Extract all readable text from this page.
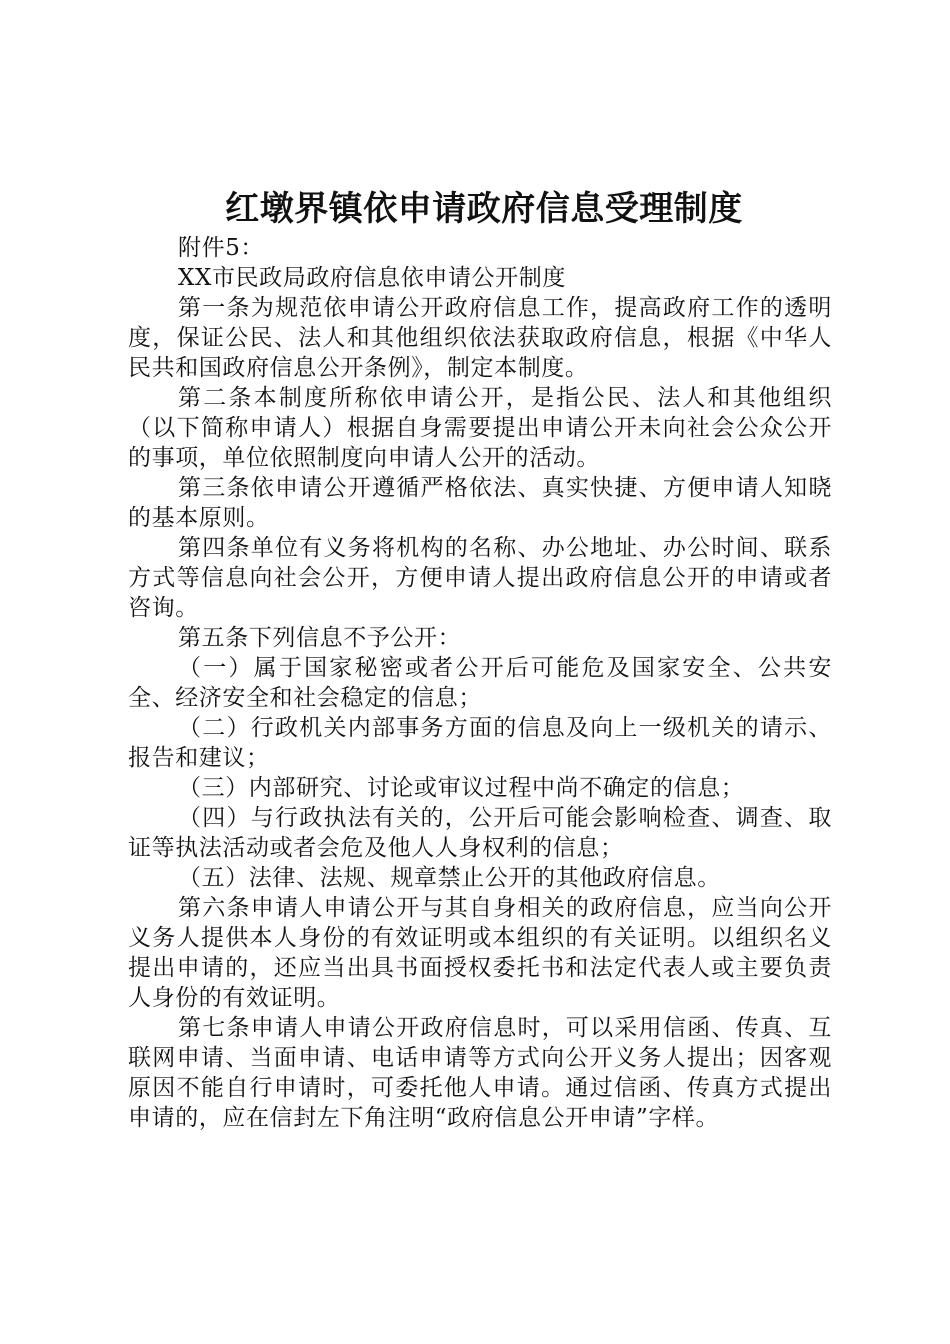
红墩界镇依申请政府信息受理制度

附件5：

XX市民政局政府信息依申请公开制度

第一条为规范依申请公开政府信息工作，提高政府工作的透明度，保证公民、法人和其他组织依法获取政府信息，根据《中华人民共和国政府信息公开条例》，制定本制度。

第二条本制度所称依申请公开，是指公民、法人和其他组织（以下简称申请人）根据自身需要提出申请公开未向社会公众公开的事项，单位依照制度向申请人公开的活动。

第三条依申请公开遵循严格依法、真实快捷、方便申请人知晓的基本原则。

第四条单位有义务将机构的名称、办公地址、办公时间、联系方式等信息向社会公开，方便申请人提出政府信息公开的申请或者咨询。

第五条下列信息不予公开：

（一）属于国家秘密或者公开后可能危及国家安全、公共安全、经济安全和社会稳定的信息；

（二）行政机关内部事务方面的信息及向上一级机关的请示、报告和建议；

（三）内部研究、讨论或审议过程中尚不确定的信息；

（四）与行政执法有关的，公开后可能会影响检查、调查、取证等执法活动或者会危及他人人身权利的信息；

（五）法律、法规、规章禁止公开的其他政府信息。

第六条申请人申请公开与其自身相关的政府信息，应当向公开义务人提供本人身份的有效证明或本组织的有关证明。以组织名义提出申请的，还应当出具书面授权委托书和法定代表人或主要负责人身份的有效证明。

第七条申请人申请公开政府信息时，可以采用信函、传真、互联网申请、当面申请、电话申请等方式向公开义务人提出；因客观原因不能自行申请时，可委托他人申请。通过信函、传真方式提出申请的，应在信封左下角注明“政府信息公开申请”字样。
